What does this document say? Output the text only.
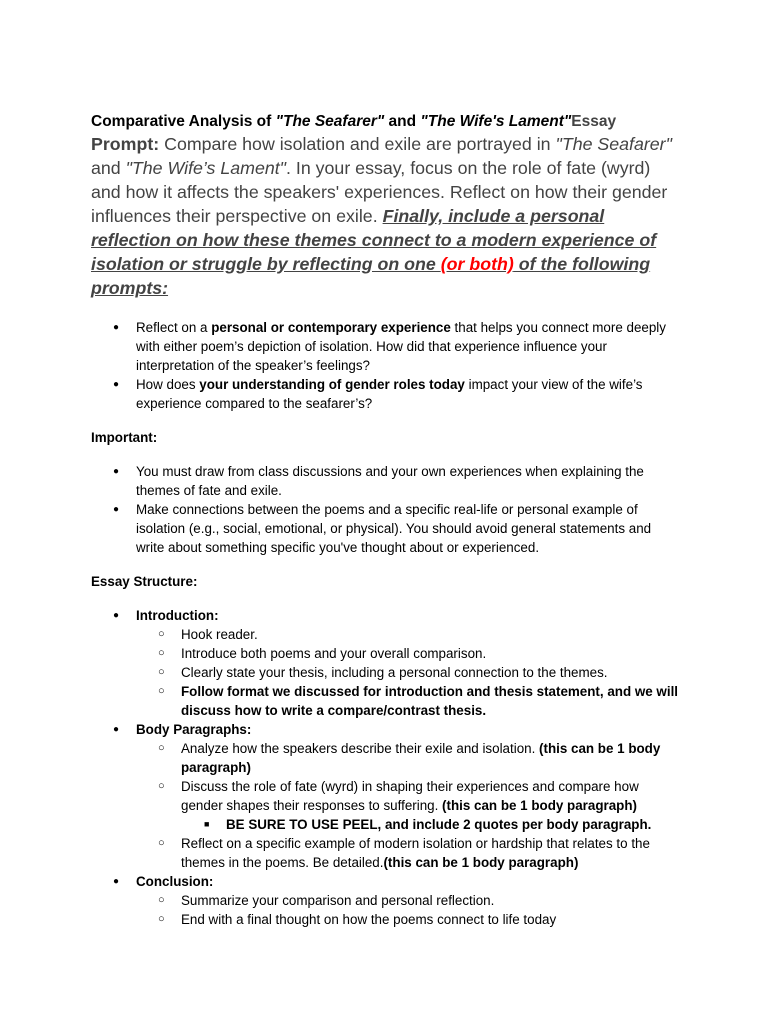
Comparative Analysis of "The Seafarer" and "The Wife's Lament"Essay

Prompt: Compare how isolation and exile are portrayed in "The Seafarer" and "The Wife’s Lament". In your essay, focus on the role of fate (wyrd) and how it affects the speakers' experiences. Reflect on how their gender influences their perspective on exile. Finally, include a personal reflection on how these themes connect to a modern experience of isolation or struggle by reflecting on one (or both) of the following prompts:

● Reflect on a personal or contemporary experience that helps you connect more deeply with either poem’s depiction of isolation. How did that experience influence your interpretation of the speaker’s feelings?
● How does your understanding of gender roles today impact your view of the wife’s experience compared to the seafarer’s?
Important:
● You must draw from class discussions and your own experiences when explaining the themes of fate and exile.
● Make connections between the poems and a specific real-life or personal example of isolation (e.g., social, emotional, or physical). You should avoid general statements and write about something specific you've thought about or experienced.
Essay Structure:
● Introduction:
○ Hook reader.
○ Introduce both poems and your overall comparison.
○ Clearly state your thesis, including a personal connection to the themes.
○ Follow format we discussed for introduction and thesis statement, and we will discuss how to write a compare/contrast thesis.
● Body Paragraphs:
○ Analyze how the speakers describe their exile and isolation. (this can be 1 body paragraph)
○ Discuss the role of fate (wyrd) in shaping their experiences and compare how gender shapes their responses to suffering. (this can be 1 body paragraph)
■ BE SURE TO USE PEEL, and include 2 quotes per body paragraph.
○ Reflect on a specific example of modern isolation or hardship that relates to the themes in the poems. Be detailed.(this can be 1 body paragraph)
● Conclusion:
○ Summarize your comparison and personal reflection.
○ End with a final thought on how the poems connect to life today
